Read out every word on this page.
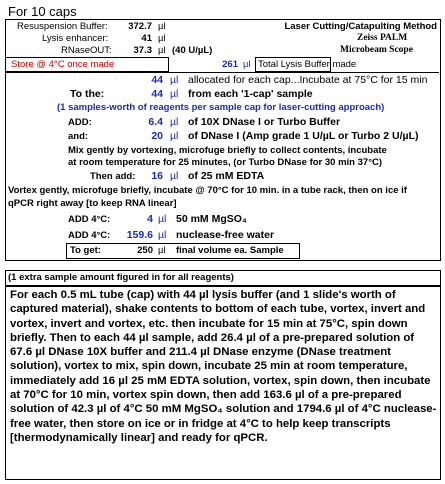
For 10 caps
Laser Cutting/Catapulting Method
Zeiss PALM
Microbeam Scope
Resuspension Buffer:	372.7 µl
Lysis enhancer:	41 µl
RNaseOUT:	37.3 µl (40 U/µL)
Store @ 4°C once made	261 µl Total Lysis Buffer made
44 µl allocated for each cap...Incubate at 75°C for 15 min
To the:	44 µl from each '1-cap' sample
(1 samples-worth of reagents per sample cap for laser-cutting approach)
ADD:	6.4 µl of 10X DNase I or Turbo Buffer
and:	20 µl of DNase I (Amp grade 1 U/µL or Turbo 2 U/µL)
Mix gently by vortexing, microfuge briefly to collect contents, incubate
at room temperature for 25 minutes, (or Turbo DNase for 30 min 37°C)
Then add:	16 µl of 25 mM EDTA
Vortex gently, microfuge briefly, incubate @ 70°C for 10 min. in a tube rack, then on ice if
qPCR right away [to keep RNA linear]
ADD 4°C:	4 µl 50 mM MgSO₄
ADD 4°C:	159.6 µl nuclease-free water
To get:	250 µl final volume ea. Sample
(1 extra sample amount figured in for all reagents)
For each 0.5 mL tube (cap) with 44 µl lysis buffer (and 1 slide's worth of captured material), shake contents to bottom of each tube, vortex, invert and vortex, invert and vortex, etc. then incubate for 15 min at 75°C, spin down briefly. Then to each 44 µl sample, add 26.4 µl of a pre-prepared solution of 67.6 µl DNase 10X buffer and 211.4 µl DNase enzyme (DNase treatment solution), vortex to mix, spin down, incubate 25 min at room temperature, immediately add 16 µl 25 mM EDTA solution, vortex, spin down, then incubate at 70°C for 10 min, vortex spin down, then add 163.6 µl of a pre-prepared solution of 42.3 µl of 4°C 50 mM MgSO₄ solution and 1794.6 µl of 4°C nuclease-free water, then store on ice or in fridge at 4°C to help keep transcripts [thermodynamically linear] and ready for qPCR.
